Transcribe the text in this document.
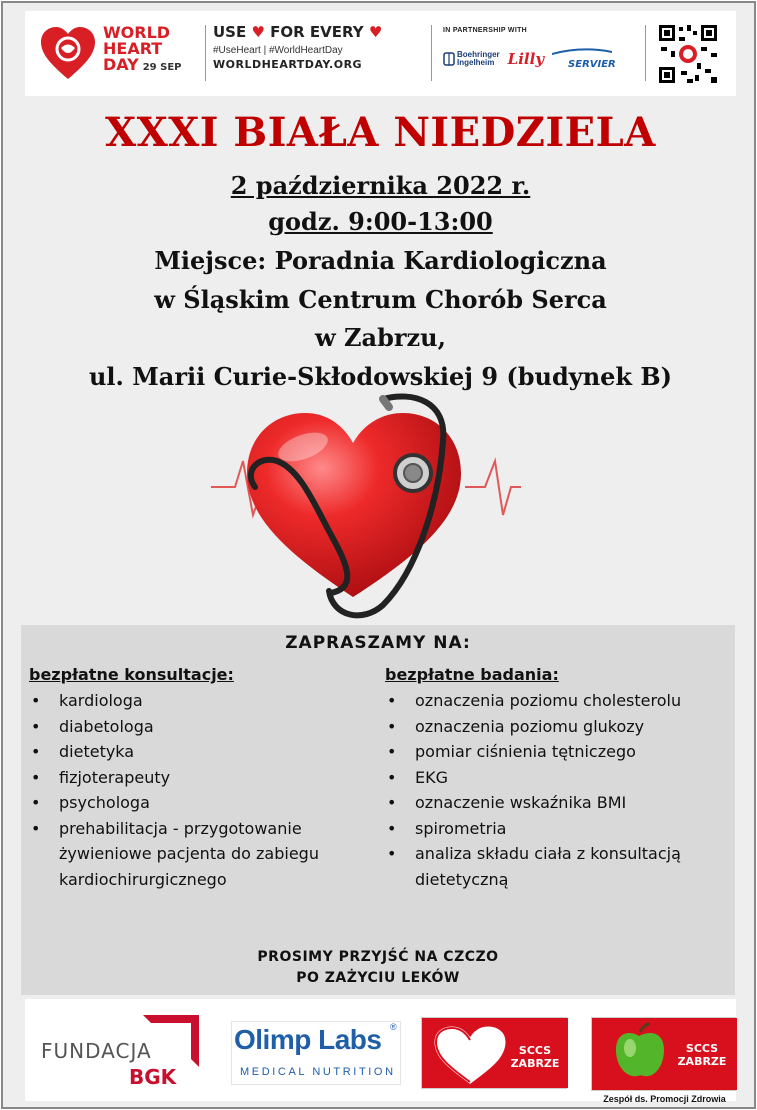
WORLD
HEART
DAY 29 SEP
USE ♥ FOR EVERY ♥
#UseHeart | #WorldHeartDay
WORLDHEARTDAY.ORG
IN PARTNERSHIP WITH
Boehringer
Ingelheim Lilly SERVIER
XXXI BIAŁA NIEDZIELA
2 października 2022 r.
godz. 9:00-13:00
Miejsce: Poradnia Kardiologiczna
w Śląskim Centrum Chorób Serca
w Zabrzu,
ul. Marii Curie-Skłodowskiej 9 (budynek B)
ZAPRASZAMY NA:
bezpłatne konsultacje:
• kardiologa
• diabetologa
• dietetyka
• fizjoterapeuty
• psychologa
• prehabilitacja - przygotowanie żywieniowe pacjenta do zabiegu kardiochirurgicznego
bezpłatne badania:
• oznaczenia poziomu cholesterolu
• oznaczenia poziomu glukozy
• pomiar ciśnienia tętniczego
• EKG
• oznaczenie wskaźnika BMI
• spirometria
• analiza składu ciała z konsultacją dietetyczną
PROSIMY PRZYJŚĆ NA CZCZO
PO ZAŻYCIU LEKÓW
FUNDACJA
BGK
Olimp Labs ®
MEDICAL NUTRITION
SCCS
ZABRZE
SCCS
ZABRZE
Zespół ds. Promocji Zdrowia
